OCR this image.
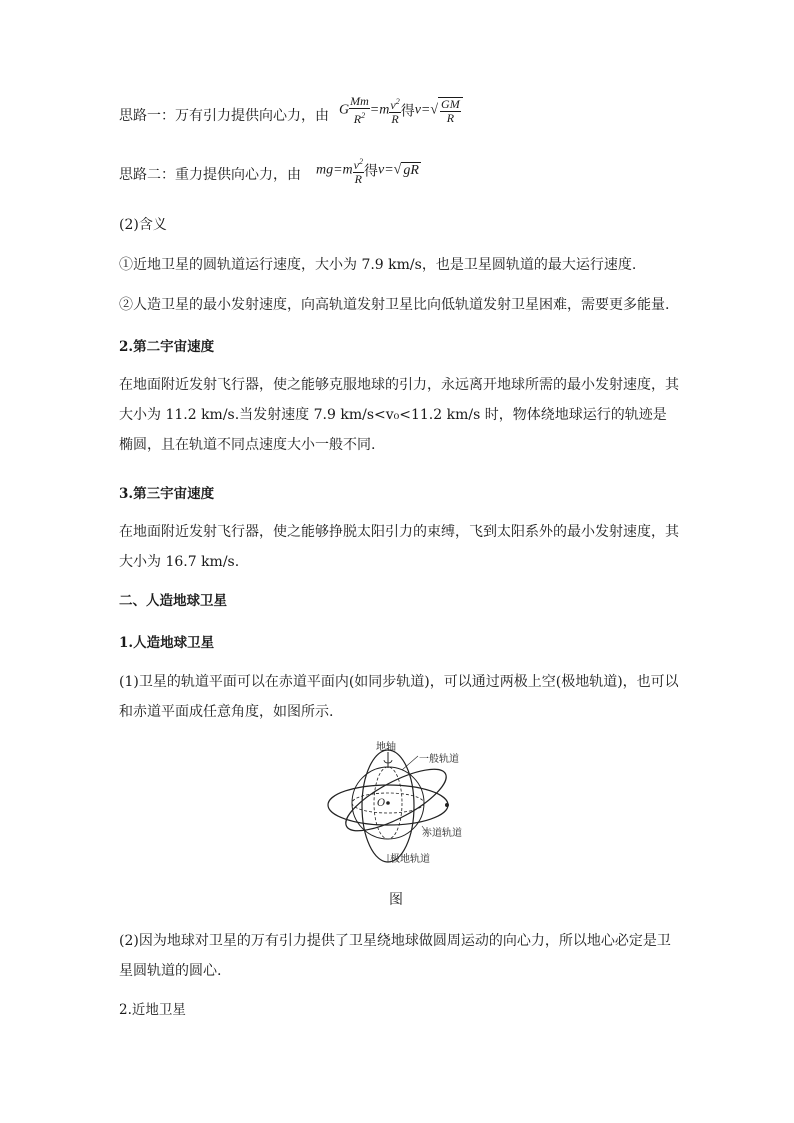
思路一：万有引力提供向心力，由 G $\frac{Mm}{R^2} =m \frac{v^2}{R}$ 得$v=√ \frac{GM}{R}$
思路二：重力提供向心力，由 $mg=m \frac{v^2}{R}$ 得v=√ gR
(2)含义
①近地卫星的圆轨道运行速度，大小为 7.9 km/s，也是卫星圆轨道的最大运行速度.
②人造卫星的最小发射速度，向高轨道发射卫星比向低轨道发射卫星困难，需要更多能量.
2.第二宇宙速度
在地面附近发射飞行器，使之能够克服地球的引力，永远离开地球所需的最小发射速度，其大小为 11.2 km/s.当发射速度 7.9 km/s<v₀<11.2 km/s 时，物体绕地球运行的轨迹是椭圆，且在轨道不同点速度大小一般不同.
3.第三宇宙速度
在地面附近发射飞行器，使之能够挣脱太阳引力的束缚，飞到太阳系外的最小发射速度，其大小为 16.7 km/s.
二、人造地球卫星
1.人造地球卫星
(1)卫星的轨道平面可以在赤道平面内(如同步轨道)，可以通过两极上空(极地轨道)，也可以和赤道平面成任意角度，如图所示.
地轴
一般轨道
O
赤道轨道
极地轨道
图
(2)因为地球对卫星的万有引力提供了卫星绕地球做圆周运动的向心力，所以地心必定是卫星圆轨道的圆心.
2.近地卫星
